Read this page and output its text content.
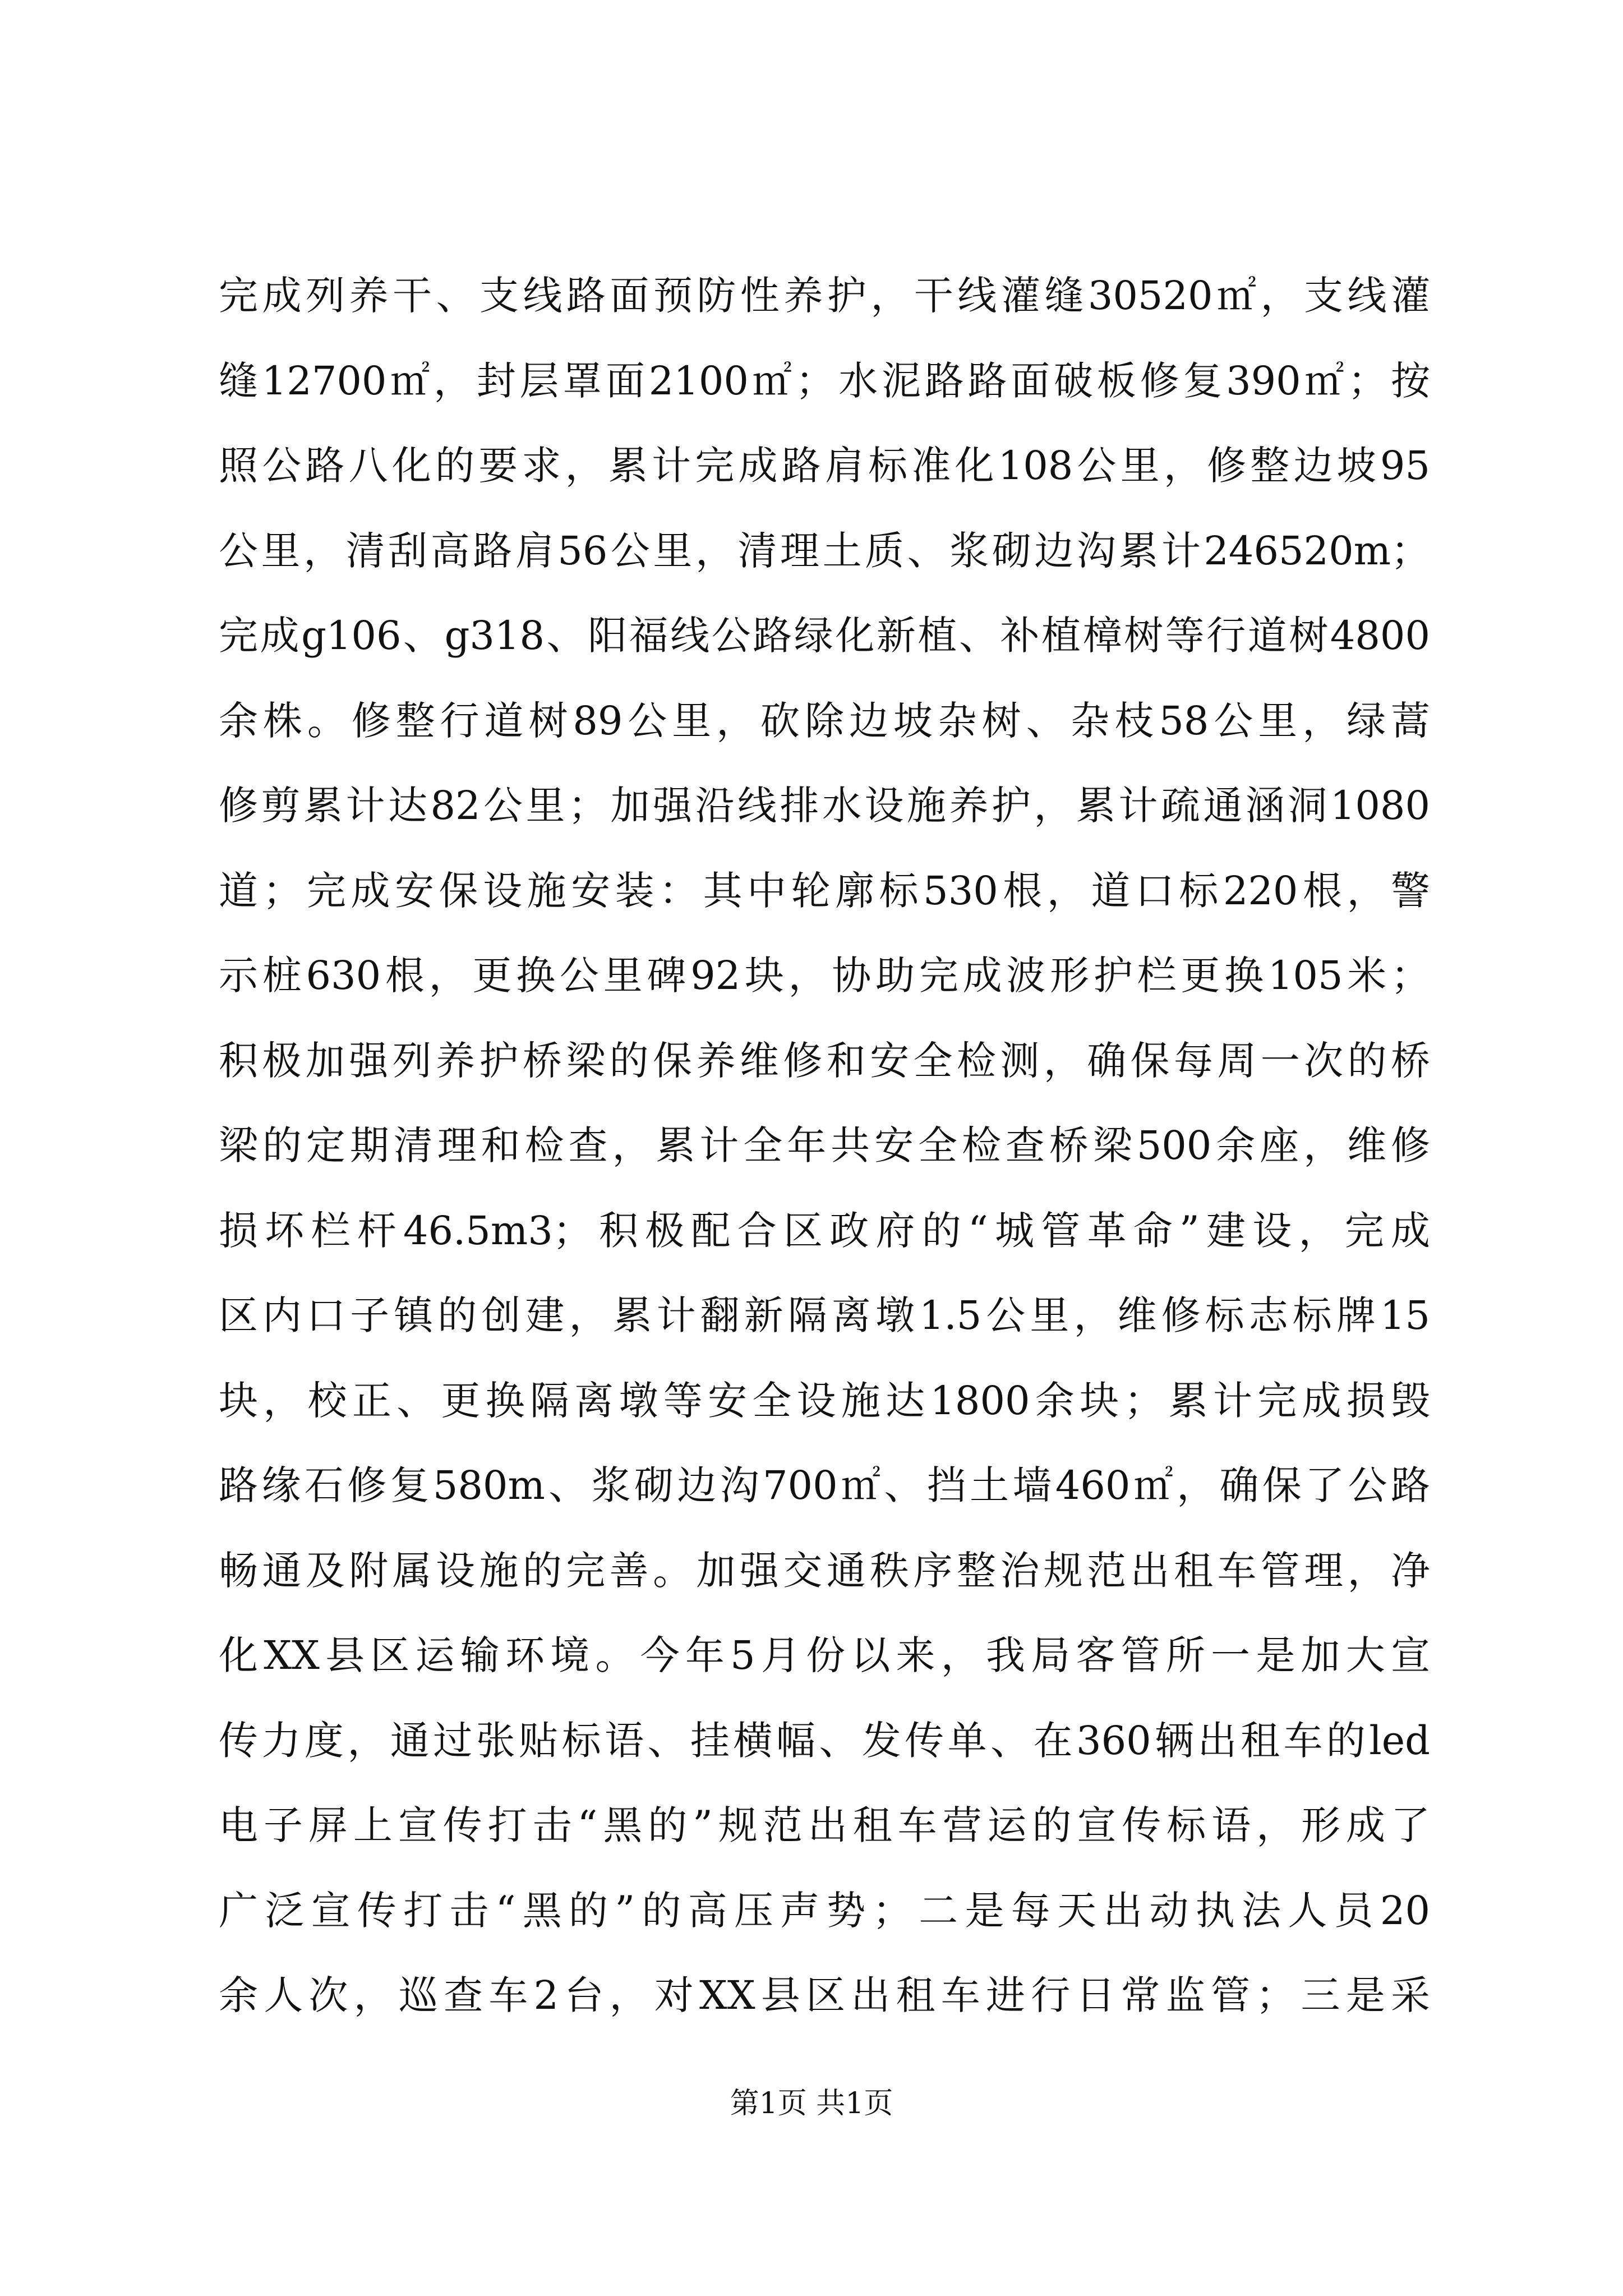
完成列养干、支线路面预防性养护，干线灌缝30520㎡，支线灌
缝12700㎡，封层罩面2100㎡；水泥路路面破板修复390㎡；按
照公路八化的要求，累计完成路肩标准化108公里，修整边坡95
公里，清刮高路肩56公里，清理土质、浆砌边沟累计246520m；
完成g106、g318、阳福线公路绿化新植、补植樟树等行道树4800
余株。修整行道树89公里，砍除边坡杂树、杂枝58公里，绿蒿
修剪累计达82公里；加强沿线排水设施养护，累计疏通涵洞1080
道；完成安保设施安装：其中轮廓标530根，道口标220根，警
示桩630根，更换公里碑92块，协助完成波形护栏更换105米；
积极加强列养护桥梁的保养维修和安全检测，确保每周一次的桥
梁的定期清理和检查，累计全年共安全检查桥梁500余座，维修
损坏栏杆46.5m3；积极配合区政府的“城管革命”建设，完成
区内口子镇的创建，累计翻新隔离墩1.5公里，维修标志标牌15
块，校正、更换隔离墩等安全设施达1800余块；累计完成损毁
路缘石修复580m、浆砌边沟700㎡、挡土墙460㎡，确保了公路
畅通及附属设施的完善。加强交通秩序整治规范出租车管理，净
化XX县区运输环境。今年5月份以来，我局客管所一是加大宣
传力度，通过张贴标语、挂横幅、发传单、在360辆出租车的led
电子屏上宣传打击“黑的”规范出租车营运的宣传标语，形成了
广泛宣传打击“黑的”的高压声势；二是每天出动执法人员20
余人次，巡查车2台，对XX县区出租车进行日常监管；三是采
第1页 共1页
